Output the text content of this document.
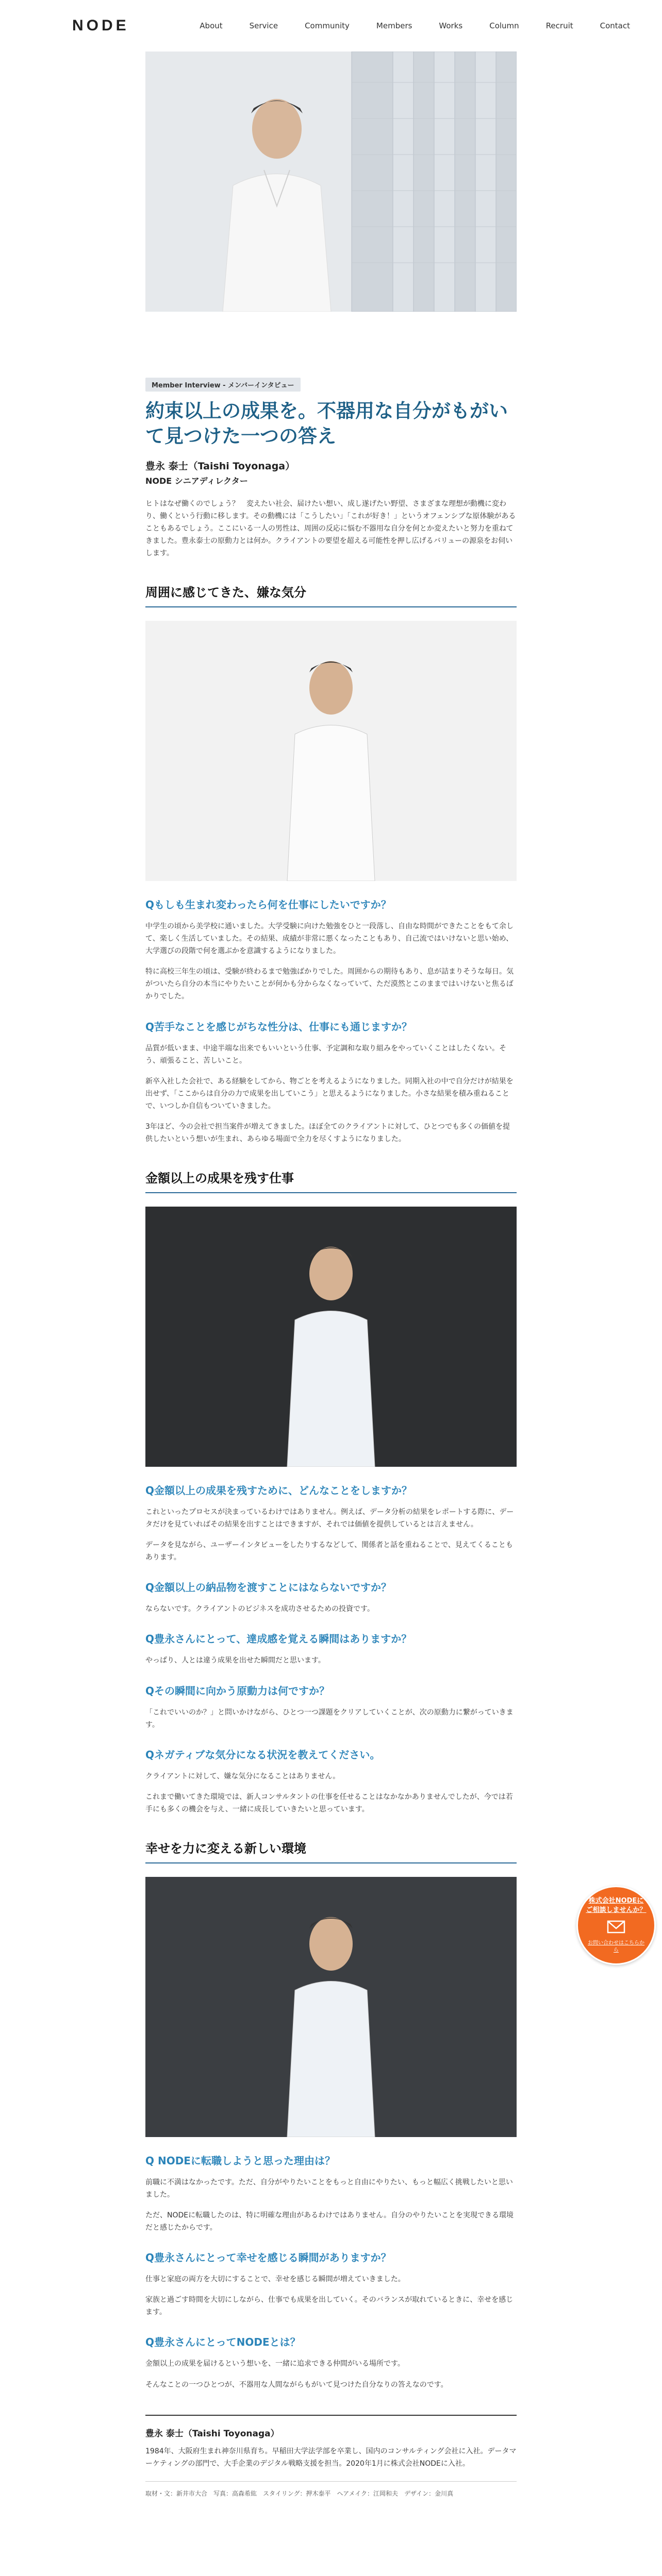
NODE	About	Service	Community	Members	Works	Column	Recruit	Contact
Member Interview - メンバーインタビュー
約束以上の成果を。不器用な自分がもがいて見つけた一つの答え
豊永 泰士（Taishi Toyonaga）
NODE シニアディレクター

ヒトはなぜ働くのでしょう？　変えたい社会、届けたい想い、成し遂げたい野望、さまざまな理想が動機に変わり、働くという行動に移します。その動機には「こうしたい」「これが好き！」というオフェンシブな原体験があることもあるでしょう。ここにいる一人の男性は、周囲の反応に悩む不器用な自分を何とか変えたいと努力を重ねてきました。豊永泰士の原動力とは何か。クライアントの要望を超える可能性を押し広げるバリューの源泉をお伺いします。

周囲に感じてきた、嫌な気分
Qもしも生まれ変わったら何を仕事にしたいですか？

中学生の頃から美学校に通いました。大学受験に向けた勉強をひと一段落し、自由な時間ができたことをもて余して、楽しく生活していました。その結果、成績が非常に悪くなったこともあり、自己流ではいけないと思い始め、大学選びの段階で何を選ぶかを意識するようになりました。

特に高校三年生の頃は、受験が終わるまで勉強ばかりでした。周囲からの期待もあり、息が詰まりそうな毎日。気がついたら自分の本当にやりたいことが何かも分からなくなっていて、ただ漠然とこのままではいけないと焦るばかりでした。

Q苦手なことを感じがちな性分は、仕事にも通じますか？

品質が低いまま、中途半端な出来でもいいという仕事、予定調和な取り組みをやっていくことはしたくない。そう、頑張ること、苦しいこと。

新卒入社した会社で、ある経験をしてから、物ごとを考えるようになりました。同期入社の中で自分だけが結果を出せず、「ここからは自分の力で成果を出していこう」と思えるようになりました。小さな結果を積み重ねることで、いつしか自信もついていきました。

3年ほど、今の会社で担当案件が増えてきました。ほぼ全てのクライアントに対して、ひとつでも多くの価値を提供したいという想いが生まれ、あらゆる場面で全力を尽くすようになりました。

金額以上の成果を残す仕事
Q金額以上の成果を残すために、どんなことをしますか？

これといったプロセスが決まっているわけではありません。例えば、データ分析の結果をレポートする際に、データだけを見ていればその結果を出すことはできますが、それでは価値を提供しているとは言えません。

データを見ながら、ユーザーインタビューをしたりするなどして、関係者と話を重ねることで、見えてくることもあります。

Q金額以上の納品物を渡すことにはならないですか？

ならないです。クライアントのビジネスを成功させるための投資です。

Q豊永さんにとって、達成感を覚える瞬間はありますか？

やっぱり、人とは違う成果を出せた瞬間だと思います。

Qその瞬間に向かう原動力は何ですか？

「これでいいのか？」と問いかけながら、ひとつ一つ課題をクリアしていくことが、次の原動力に繋がっていきます。

Qネガティブな気分になる状況を教えてください。

クライアントに対して、嫌な気分になることはありません。

これまで働いてきた環境では、新人コンサルタントの仕事を任せることはなかなかありませんでしたが、今では若手にも多くの機会を与え、一緒に成長していきたいと思っています。

幸せを力に変える新しい環境
Q NODEに転職しようと思った理由は？

前職に不満はなかったです。ただ、自分がやりたいことをもっと自由にやりたい、もっと幅広く挑戦したいと思いました。

ただ、NODEに転職したのは、特に明確な理由があるわけではありません。自分のやりたいことを実現できる環境だと感じたからです。

Q豊永さんにとって幸せを感じる瞬間がありますか？

仕事と家庭の両方を大切にすることで、幸せを感じる瞬間が増えていきました。

家族と過ごす時間を大切にしながら、仕事でも成果を出していく。そのバランスが取れているときに、幸せを感じます。

Q豊永さんにとってNODEとは？

金額以上の成果を届けるという想いを、一緒に追求できる仲間がいる場所です。

そんなことの一つひとつが、不器用な人間ながらもがいて見つけた自分なりの答えなのです。

豊永 泰士（Taishi Toyonaga）

1984年、大阪府生まれ神奈川県育ち。早稲田大学法学部を卒業し、国内のコンサルティング会社に入社。データマーケティングの部門で、大手企業のデジタル戦略支援を担当。2020年1月に株式会社NODEに入社。

取材・文：新井市大合　写真：高森希紘　スタイリング：押木泰平　ヘアメイク：江岡和夫　デザイン：金川真
株式会社NODEに
ご相談しませんか？
お問い合わせはこちらから
